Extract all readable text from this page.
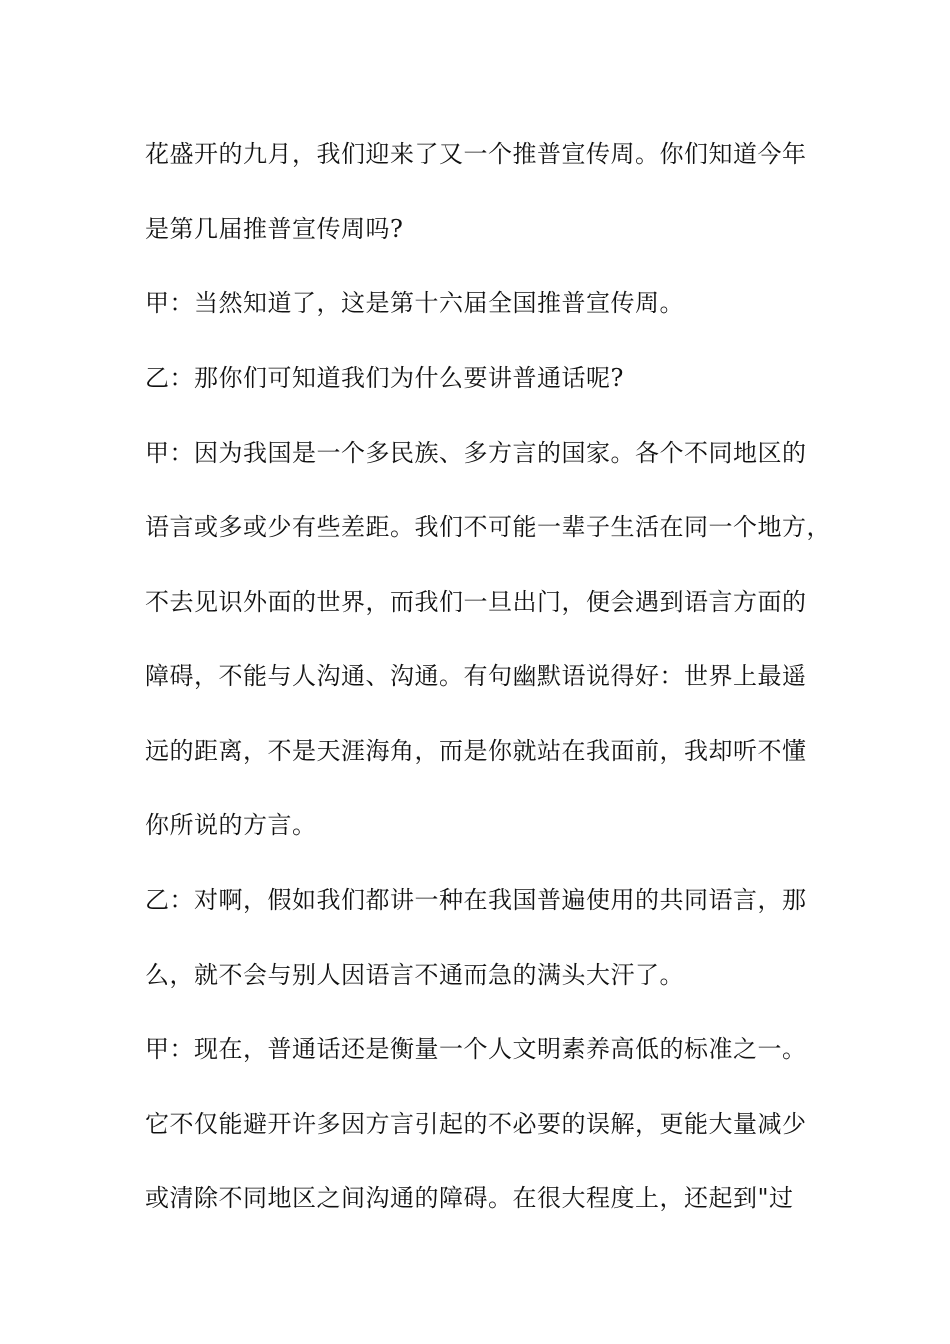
花盛开的九月，我们迎来了又一个推普宣传周。你们知道今年
是第几届推普宣传周吗?
甲：当然知道了，这是第十六届全国推普宣传周。
乙：那你们可知道我们为什么要讲普通话呢?
甲：因为我国是一个多民族、多方言的国家。各个不同地区的
语言或多或少有些差距。我们不可能一辈子生活在同一个地方，
不去见识外面的世界，而我们一旦出门，便会遇到语言方面的
障碍，不能与人沟通、沟通。有句幽默语说得好：世界上最遥
远的距离，不是天涯海角，而是你就站在我面前，我却听不懂
你所说的方言。
乙：对啊，假如我们都讲一种在我国普遍使用的共同语言，那
么，就不会与别人因语言不通而急的满头大汗了。
甲：现在，普通话还是衡量一个人文明素养高低的标准之一。
它不仅能避开许多因方言引起的不必要的误解，更能大量减少
或清除不同地区之间沟通的障碍。在很大程度上，还起到"过
